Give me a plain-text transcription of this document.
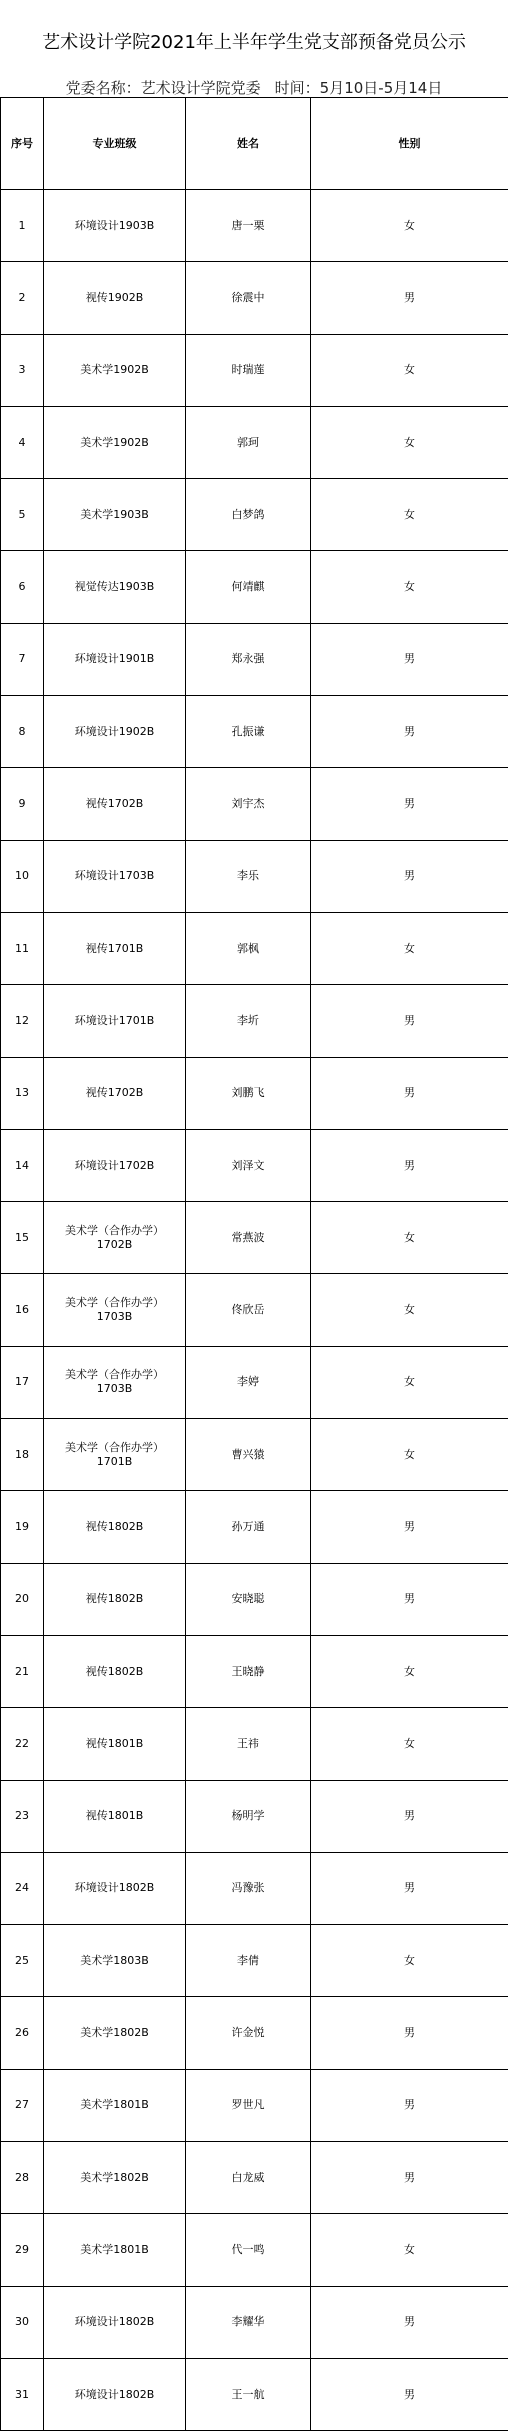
艺术设计学院2021年上半年学生党支部预备党员公示
党委名称：艺术设计学院党委 时间：5月10日-5月14日
序号	专业班级	姓名	性别
1	环境设计1903B	唐一栗	女
2	视传1902B	徐震中	男
3	美术学1902B	时瑞莲	女
4	美术学1902B	郭珂	女
5	美术学1903B	白梦鸽	女
6	视觉传达1903B	何靖麒	女
7	环境设计1901B	郑永强	男
8	环境设计1902B	孔振谦	男
9	视传1702B	刘宇杰	男
10	环境设计1703B	李乐	男
11	视传1701B	郭枫	女
12	环境设计1701B	李圻	男
13	视传1702B	刘鹏飞	男
14	环境设计1702B	刘泽文	男
15	美术学（合作办学）1702B	常燕波	女
16	美术学（合作办学）1703B	佟欣岳	女
17	美术学（合作办学）1703B	李婷	女
18	美术学（合作办学）1701B	曹兴猿	女
19	视传1802B	孙万通	男
20	视传1802B	安晓聪	男
21	视传1802B	王晓静	女
22	视传1801B	王祎	女
23	视传1801B	杨明学	男
24	环境设计1802B	冯豫张	男
25	美术学1803B	李倩	女
26	美术学1802B	许金悦	男
27	美术学1801B	罗世凡	男
28	美术学1802B	白龙威	男
29	美术学1801B	代一鸣	女
30	环境设计1802B	李耀华	男
31	环境设计1802B	王一航	男
